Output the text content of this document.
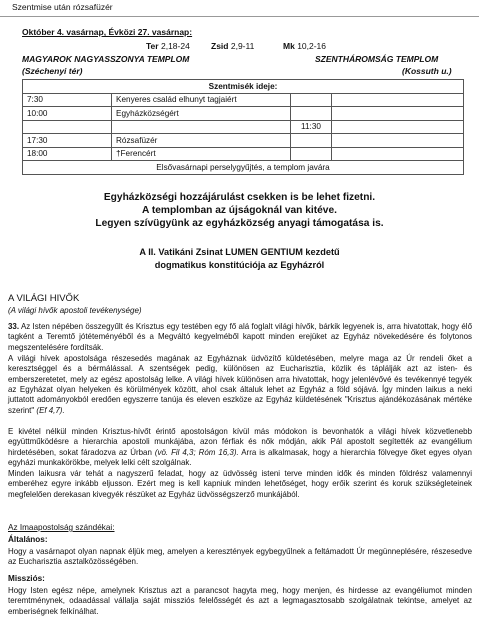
Szentmise után rózsafüzér
Október 4. vasárnap, Évközi 27. vasárnap:
Ter 2,18-24 Zsid 2,9-11	Mk 10,2-16
MAGYAROK NAGYASSZONYA TEMPLOM	SZENTHÁROMSÁG TEMPLOM
(Széchenyi tér)	(Kossuth u.)
Szentmisék ideje:			
7:30	Kenyeres család elhunyt tagjaiért		
10:00	Egyházközségért		
		11:30	
17:30	Rózsafüzér		
18:00	†Ferencért		
Elsővasárnapi perselygyűjtés, a templom javára			
Egyházközségi hozzájárulást csekken is be lehet fizetni.
A templomban az újságoknál van kitéve.
Legyen szívügyünk az egyházközség anyagi támogatása is.
A II. Vatikáni Zsinat LUMEN GENTIUM kezdetű
dogmatikus konstitúciója az Egyházról
A VILÁGI HIVŐK
(A világi hívők apostoli tevékenysége)
33. Az Isten népében összegyűlt és Krisztus egy testében egy fő alá foglalt világi hívők, bárkik legyenek is, arra hivatottak, hogy élő tagként a Teremtő jótéteményéből és a Megváltó kegyelméből kapott minden erejüket az Egyház növekedésére és folytonos megszentelésére fordítsák.
A világi hívek apostolsága részesedés magának az Egyháznak üdvözítő küldetésében, melyre maga az Úr rendeli őket a keresztséggel és a bérmálással. A szentségek pedig, különösen az Eucharisztia, közlik és táplálják azt az isten- és emberszeretetet, mely az egész apostolság lelke. A világi hívek különösen arra hivatottak, hogy jelenlévővé és tevékennyé tegyék az Egyházat olyan helyeken és körülmények között, ahol csak általuk lehet az Egyház a föld sójává. Így minden laikus a neki juttatott adományokból eredően egyszerre tanúja és eleven eszköze az Egyház küldetésének "Krisztus ajándékozásának mértéke szerint" (Ef 4,7).
E kivétel nélkül minden Krisztus-hívőt érintő apostolságon kívül más módokon is bevonhatók a világi hívek közvetlenebb együttműködésre a hierarchia apostoli munkájába, azon férfiak és nők módján, akik Pál apostolt segítették az evangélium hirdetésében, sokat fáradozva az Úrban (vö. Fil 4,3; Róm 16,3). Arra is alkalmasak, hogy a hierarchia fölvegye őket egyes olyan egyházi munkakörökbe, melyek lelki célt szolgálnak.
Minden laikusra vár tehát a nagyszerű feladat, hogy az üdvösség isteni terve minden idők és minden földrész valamennyi emberéhez egyre inkább eljusson. Ezért meg is kell kapniuk minden lehetőséget, hogy erőik szerint és koruk szükségleteinek megfelelően derekasan kivegyék részüket az Egyház üdvösségszerző munkájából.
Az Imaapostolság szándékai:
Általános:
Hogy a vasárnapot olyan napnak éljük meg, amelyen a keresztények egybegyűlnek a feltámadott Úr megünneplésére, részesedve az Eucharisztia asztalközösségében.
Missziós:
Hogy Isten egész népe, amelynek Krisztus azt a parancsot hagyta meg, hogy menjen, és hirdesse az evangéliumot minden teremtménynek, odaadással vállalja saját missziós felelősségét és azt a legmagasztosabb szolgálatnak tekintse, amelyet az emberiségnek felkínálhat.
